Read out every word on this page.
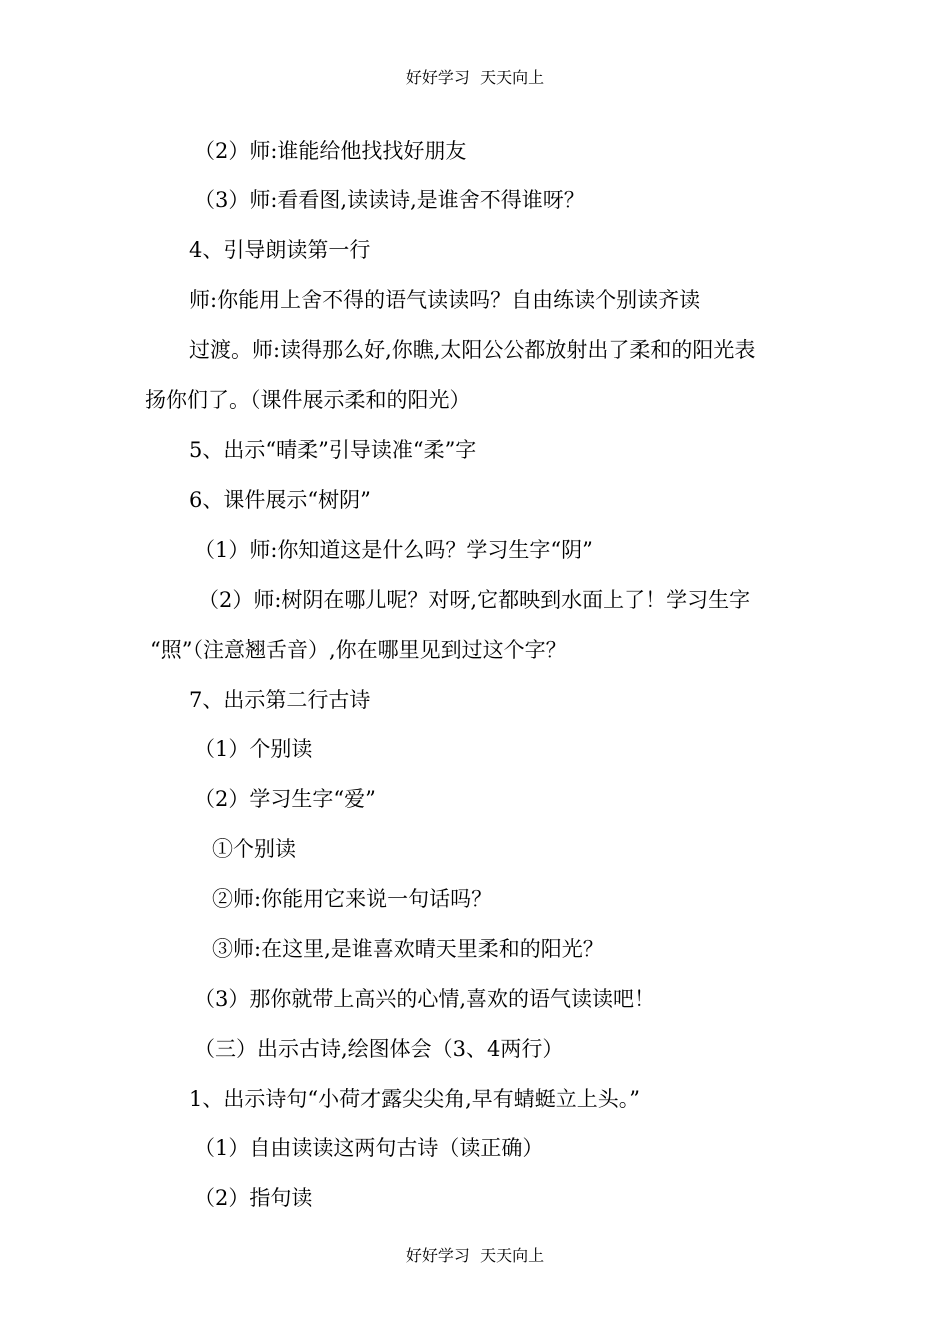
好好学习  天天向上
（2）师:谁能给他找找好朋友
（3）师:看看图,读读诗,是谁舍不得谁呀？
4、引导朗读第一行
师:你能用上舍不得的语气读读吗？自由练读个别读齐读
过渡。师:读得那么好,你瞧,太阳公公都放射出了柔和的阳光表
扬你们了。（课件展示柔和的阳光）
5、出示“晴柔”引导读准“柔”字
6、课件展示“树阴”
（1）师:你知道这是什么吗？学习生字“阴”
（2）师:树阴在哪儿呢？对呀,它都映到水面上了！学习生字
“照”（注意翘舌音）,你在哪里见到过这个字？
7、出示第二行古诗
（1）个别读
（2）学习生字“爱”
①个别读
②师:你能用它来说一句话吗？
③师:在这里,是谁喜欢晴天里柔和的阳光？
（3）那你就带上高兴的心情,喜欢的语气读读吧！
（三）出示古诗,绘图体会（3、4两行）
1、出示诗句“小荷才露尖尖角,早有蜻蜓立上头。”
（1）自由读读这两句古诗（读正确）
（2）指句读
好好学习  天天向上
